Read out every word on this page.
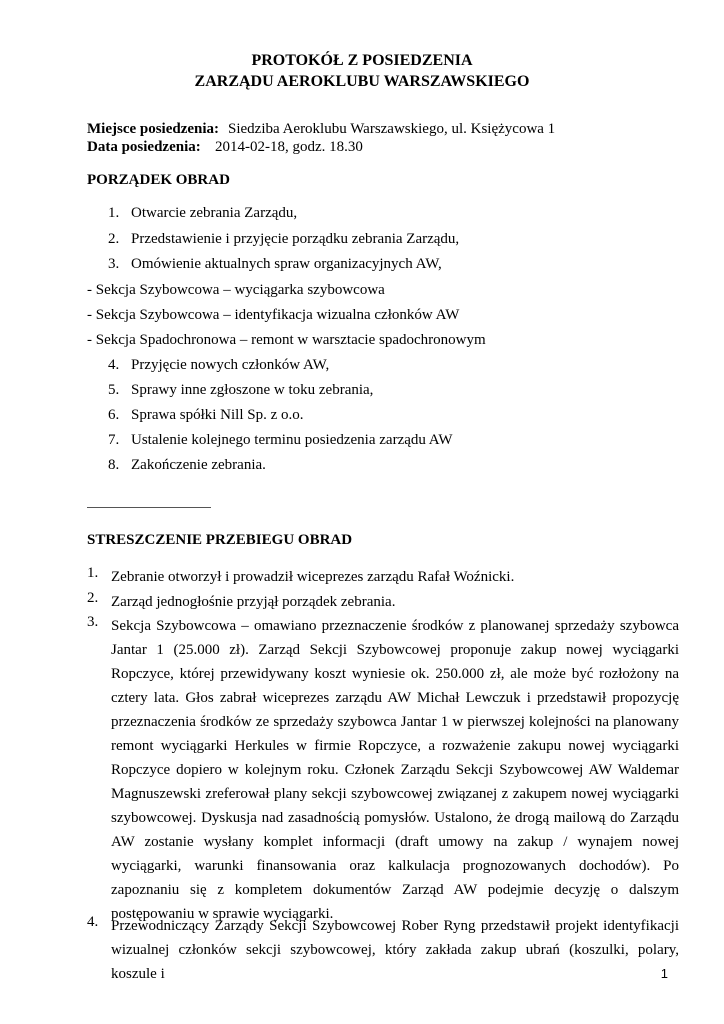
PROTOKÓŁ Z POSIEDZENIA
ZARZĄDU AEROKLUBU WARSZAWSKIEGO
Miejsce posiedzenia: Siedziba Aeroklubu Warszawskiego, ul. Księżycowa 1
Data posiedzenia: 2014-02-18, godz. 18.30
PORZĄDEK OBRAD
1. Otwarcie zebrania Zarządu,
2. Przedstawienie i przyjęcie porządku zebrania Zarządu,
3. Omówienie aktualnych spraw organizacyjnych AW,
- Sekcja Szybowcowa – wyciągarka szybowcowa
- Sekcja Szybowcowa – identyfikacja wizualna członków AW
- Sekcja Spadochronowa – remont w warsztacie spadochronowym
4. Przyjęcie nowych członków AW,
5. Sprawy inne zgłoszone w toku zebrania,
6. Sprawa spółki Nill Sp. z o.o.
7. Ustalenie kolejnego terminu posiedzenia zarządu AW
8. Zakończenie zebrania.
STRESZCZENIE PRZEBIEGU OBRAD
1. Zebranie otworzył i prowadził wiceprezes zarządu Rafał Woźnicki.

2. Zarząd jednogłośnie przyjął porządek zebrania.

3. Sekcja Szybowcowa – omawiano przeznaczenie środków z planowanej sprzedaży szybowca Jantar 1 (25.000 zł). Zarząd Sekcji Szybowcowej proponuje zakup nowej wyciągarki Ropczyce, której przewidywany koszt wyniesie ok. 250.000 zł, ale może być rozłożony na cztery lata. Głos zabrał wiceprezes zarządu AW Michał Lewczuk i przedstawił propozycję przeznaczenia środków ze sprzedaży szybowca Jantar 1 w pierwszej kolejności na planowany remont wyciągarki Herkules w firmie Ropczyce, a rozważenie zakupu nowej wyciągarki Ropczyce dopiero w kolejnym roku. Członek Zarządu Sekcji Szybowcowej AW Waldemar Magnuszewski zreferował plany sekcji szybowcowej związanej z zakupem nowej wyciągarki szybowcowej. Dyskusja nad zasadnością pomysłów. Ustalono, że drogą mailową do Zarządu AW zostanie wysłany komplet informacji (draft umowy na zakup / wynajem nowej wyciągarki, warunki finansowania oraz kalkulacja prognozowanych dochodów). Po zapoznaniu się z kompletem dokumentów Zarząd AW podejmie decyzję o dalszym postępowaniu w sprawie wyciągarki.

4. Przewodniczący Zarządy Sekcji Szybowcowej Rober Ryng przedstawił projekt identyfikacji wizualnej członków sekcji szybowcowej, który zakłada zakup ubrań (koszulki, polary, koszule i	1
